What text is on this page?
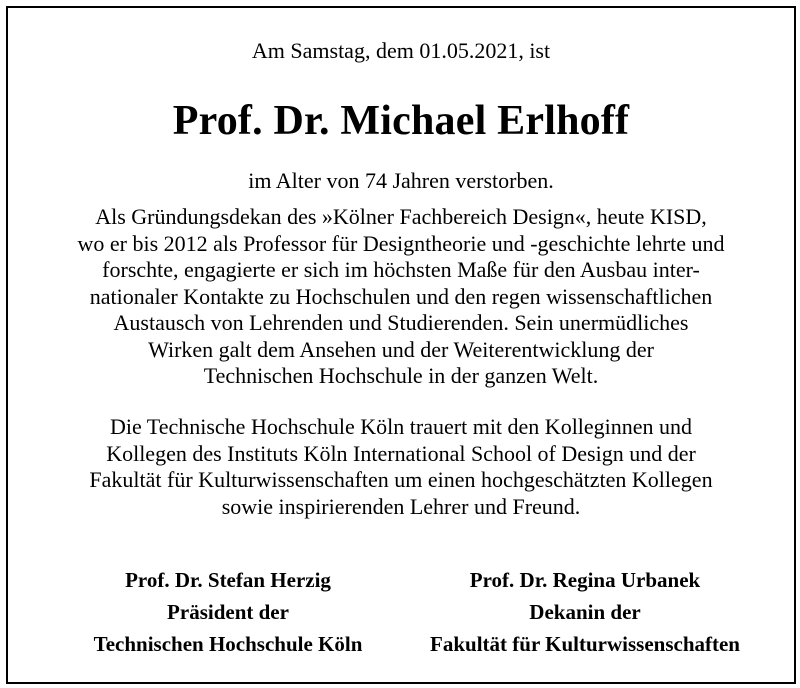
Am Samstag, dem 01.05.2021, ist
Prof. Dr. Michael Erlhoff
im Alter von 74 Jahren verstorben.
Als Gründungsdekan des »Kölner Fachbereich Design«, heute KISD,
wo er bis 2012 als Professor für Designtheorie und -geschichte lehrte und
forschte, engagierte er sich im höchsten Maße für den Ausbau inter-
nationaler Kontakte zu Hochschulen und den regen wissenschaftlichen
Austausch von Lehrenden und Studierenden. Sein unermüdliches
Wirken galt dem Ansehen und der Weiterentwicklung der
Technischen Hochschule in der ganzen Welt.
Die Technische Hochschule Köln trauert mit den Kolleginnen und
Kollegen des Instituts Köln International School of Design und der
Fakultät für Kulturwissenschaften um einen hochgeschätzten Kollegen
sowie inspirierenden Lehrer und Freund.
Prof. Dr. Stefan Herzig
Präsident der
Technischen Hochschule Köln
Prof. Dr. Regina Urbanek
Dekanin der
Fakultät für Kulturwissenschaften
